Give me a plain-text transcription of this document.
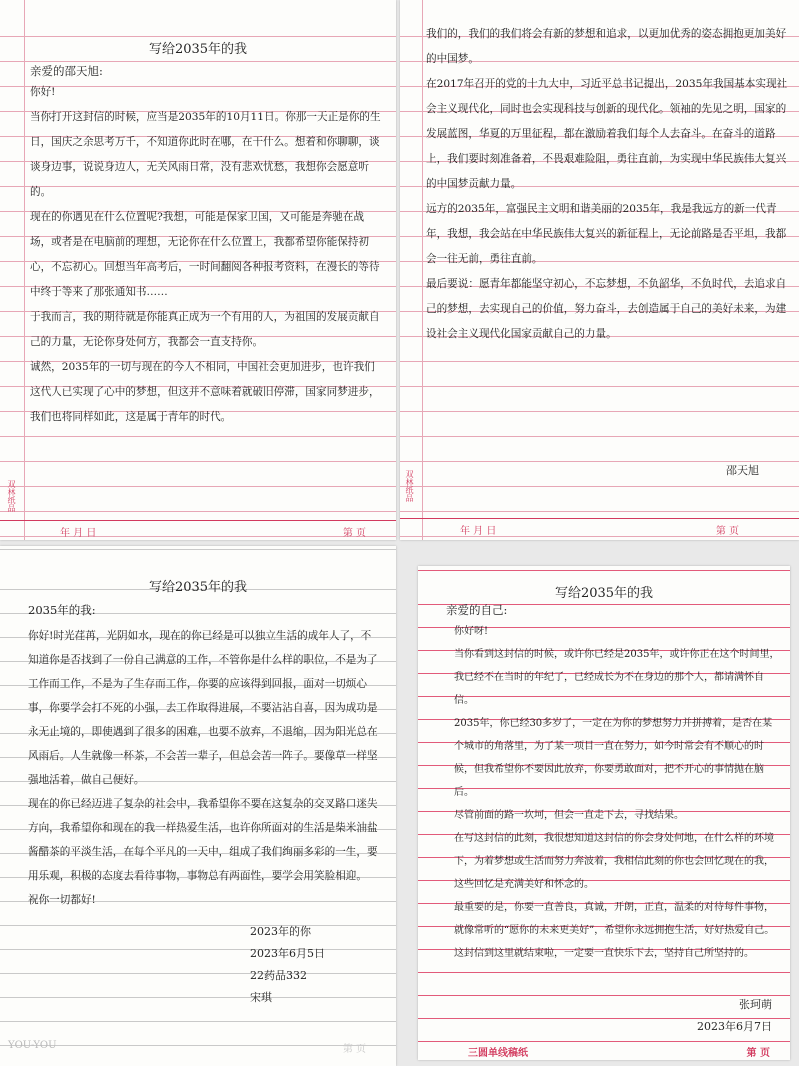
写给2035年的我
亲爱的邵天旭:
你好!
当你打开这封信的时候，应当是2035年的10月11日。你那一天正是你的生日，国庆之余思考万千，不知道你此时在哪，在干什么。想着和你聊聊，谈谈身边事，说说身边人，无关风雨日常，没有悲欢忧愁，我想你会愿意听的。
现在的你遇见在什么位置呢?我想，可能是保家卫国，又可能是奔驰在战场，或者是在电脑前的理想，无论你在什么位置上，我都希望你能保持初心，不忘初心。回想当年高考后，一时间翻阅各种报考资料，在漫长的等待中终于等来了那张通知书……
于我而言，我的期待就是你能真正成为一个有用的人，为祖国的发展贡献自己的力量，无论你身处何方，我都会一直支持你。
诚然，2035年的一切与现在的今人不相同，中国社会更加进步，也许我们这代人已实现了心中的梦想，但这并不意味着就破旧停滞，国家同梦进步，我们也将同样如此，这是属于青年的时代。
双林纸品
年 月 日	第 页
我们的，我们的我们将会有新的梦想和追求，以更加优秀的姿态拥抱更加美好的中国梦。
在2017年召开的党的十九大中，习近平总书记提出，2035年我国基本实现社会主义现代化，同时也会实现科技与创新的现代化。领袖的先见之明，国家的发展蓝图，华夏的万里征程，都在激励着我们每个人去奋斗。在奋斗的道路上，我们要时刻准备着，不畏艰难险阻，勇往直前，为实现中华民族伟大复兴的中国梦贡献力量。
远方的2035年，富强民主文明和谐美丽的2035年，我是我远方的新一代青年，我想，我会站在中华民族伟大复兴的新征程上，无论前路是否平坦，我都会一往无前，勇往直前。
最后要说：愿青年都能坚守初心，不忘梦想，不负韶华，不负时代，去追求自己的梦想，去实现自己的价值，努力奋斗，去创造属于自己的美好未来，为建设社会主义现代化国家贡献自己的力量。
邵天旭
双林纸品
年 月 日	第 页
写给2035年的我
2035年的我:
你好!时光荏苒，光阴如水，现在的你已经是可以独立生活的成年人了，不知道你是否找到了一份自己满意的工作，不管你是什么样的职位，不是为了工作而工作，不是为了生存而工作，你要的应该得到回报，面对一切烦心事，你要学会打不死的小强，去工作取得进展，不要沾沾自喜，因为成功是永无止境的，即使遇到了很多的困难，也要不放弃，不退缩，因为阳光总在风雨后。人生就像一杯茶，不会苦一辈子，但总会苦一阵子。要像草一样坚强地活着，做自己便好。
现在的你已经迈进了复杂的社会中，我希望你不要在这复杂的交叉路口迷失方向，我希望你和现在的我一样热爱生活，也许你所面对的生活是柴米油盐酱醋茶的平淡生活，在每个平凡的一天中，组成了我们绚丽多彩的一生，要用乐观，积极的态度去看待事物，事物总有两面性，要学会用笑脸相迎。
祝你一切都好!
2023年的你
2023年6月5日
22药品332
宋琪
YOU-YOU	第 页
写给2035年的我
亲爱的自己:
你好呀!
当你看到这封信的时候，或许你已经是2035年，或许你正在这个时间里，我已经不在当时的年纪了，已经成长为不在身边的那个人，都请满怀自信。
2035年，你已经30多岁了，一定在为你的梦想努力并拼搏着，是否在某个城市的角落里，为了某一项目一直在努力，如今时常会有不顺心的时候，但我希望你不要因此放弃，你要勇敢面对，把不开心的事情抛在脑后。
尽管前面的路一坎坷，但会一直走下去，寻找结果。
在写这封信的此刻，我很想知道这封信的你会身处何地，在什么样的环境下，为着梦想或生活而努力奔波着，我相信此刻的你也会回忆现在的我，这些回忆是充满美好和怀念的。
最重要的是，你要一直善良，真诚，开朗，正直，温柔的对待每件事物，就像常听的“愿你的未来更美好”，希望你永远拥抱生活，好好热爱自己。
这封信到这里就结束啦，一定要一直快乐下去，坚持自己所坚持的。
张珂萌
2023年6月7日
三圆单线稿纸	第 页
